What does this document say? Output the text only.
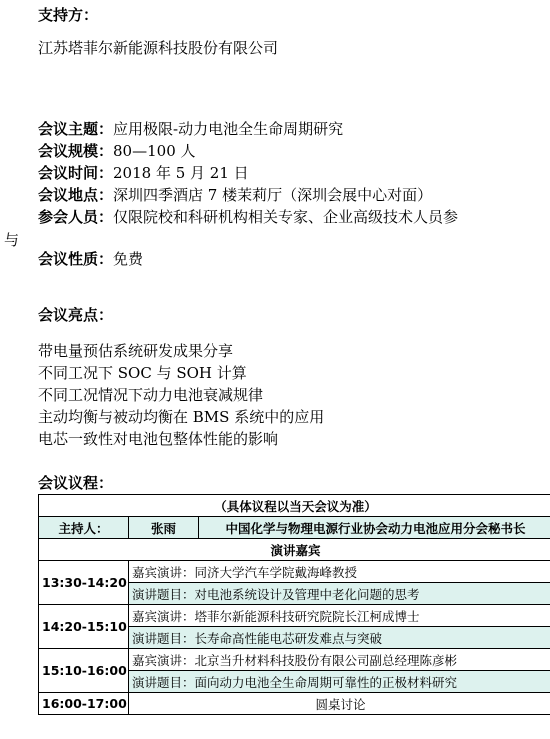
支持方：
江苏塔菲尔新能源科技股份有限公司
会议主题：应用极限-动力电池全生命周期研究
会议规模：80—100 人
会议时间：2018 年 5 月 21 日
会议地点：深圳四季酒店 7 楼茉莉厅（深圳会展中心对面）
参会人员：仅限院校和科研机构相关专家、企业高级技术人员参
与
会议性质：免费
会议亮点：
带电量预估系统研发成果分享
不同工况下 SOC 与 SOH 计算
不同工况情况下动力电池衰减规律
主动均衡与被动均衡在 BMS 系统中的应用
电芯一致性对电池包整体性能的影响
会议议程：
（具体议程以当天会议为准）		
主持人：	张雨	中国化学与物理电源行业协会动力电池应用分会秘书长
演讲嘉宾		
13:30-14:20	嘉宾演讲：同济大学汽车学院戴海峰教授	
	演讲题目：对电池系统设计及管理中老化问题的思考	
14:20-15:10	嘉宾演讲：塔菲尔新能源科技研究院院长江柯成博士	
	演讲题目：长寿命高性能电芯研发难点与突破	
15:10-16:00	嘉宾演讲：北京当升材料科技股份有限公司副总经理陈彦彬	
	演讲题目：面向动力电池全生命周期可靠性的正极材料研究	
16:00-17:00	圆桌讨论	
